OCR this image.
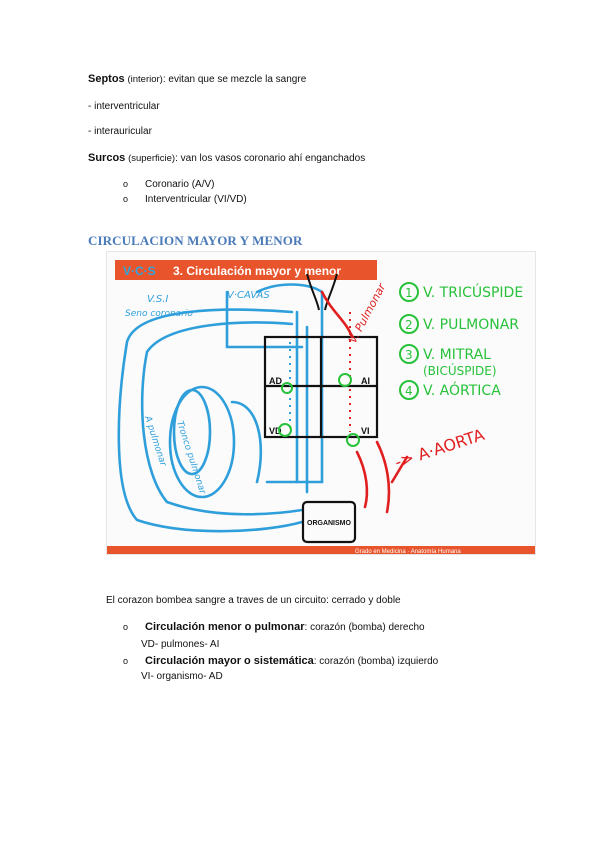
Septos (interior): evitan que se mezcle la sangre
- interventricular
- interauricular
Surcos (superficie): van los vasos coronario ahí enganchados
o Coronario (A/V)
o Interventricular (VI/VD)
CIRCULACION MAYOR Y MENOR
V·C·S 3. Circulación mayor y menor
V.S.I	V·CAVAS
Seno coronario
Tronco pulmonar
A pulmonar
AD	AI
VD	VI
V. Pulmonar
-> A·AORTA
ORGANISMO
1 V. TRICÚSPIDE
2 V. PULMONAR
3 V. MITRAL
(BICÚSPIDE)
4 V. AÓRTICA
Grado en Medicina · Anatomía Humana
El corazon bombea sangre a traves de un circuito: cerrado y doble
o Circulación menor o pulmonar: corazón (bomba) derecho
VD- pulmones- AI
o Circulación mayor o sistemática: corazón (bomba) izquierdo
VI- organismo- AD
